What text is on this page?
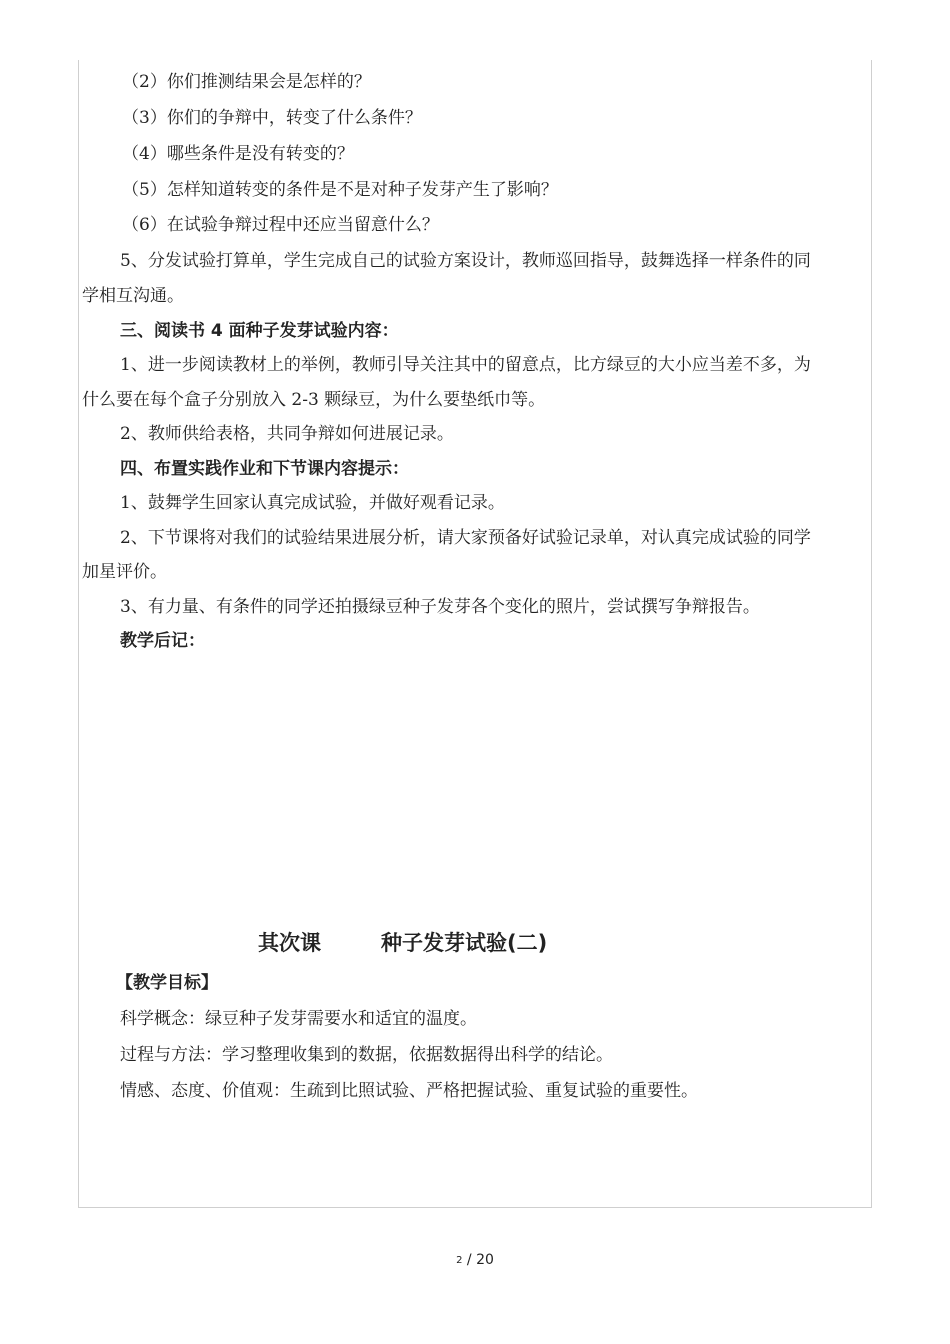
（2）你们推测结果会是怎样的？
（3）你们的争辩中，转变了什么条件？
（4）哪些条件是没有转变的？
（5）怎样知道转变的条件是不是对种子发芽产生了影响？
（6）在试验争辩过程中还应当留意什么？
5、分发试验打算单，学生完成自己的试验方案设计，教师巡回指导，鼓舞选择一样条件的同
学相互沟通。
三、阅读书 4 面种子发芽试验内容：
1、进一步阅读教材上的举例，教师引导关注其中的留意点，比方绿豆的大小应当差不多，为
什么要在每个盒子分别放入 2-3 颗绿豆，为什么要垫纸巾等。
2、教师供给表格，共同争辩如何进展记录。
四、布置实践作业和下节课内容提示：
1、鼓舞学生回家认真完成试验，并做好观看记录。
2、下节课将对我们的试验结果进展分析，请大家预备好试验记录单，对认真完成试验的同学
加星评价。
3、有力量、有条件的同学还拍摄绿豆种子发芽各个变化的照片，尝试撰写争辩报告。
教学后记：
其次课	种子发芽试验(二)
【教学目标】
科学概念：绿豆种子发芽需要水和适宜的温度。
过程与方法：学习整理收集到的数据，依据数据得出科学的结论。
情感、态度、价值观：生疏到比照试验、严格把握试验、重复试验的重要性。
2 / 20
